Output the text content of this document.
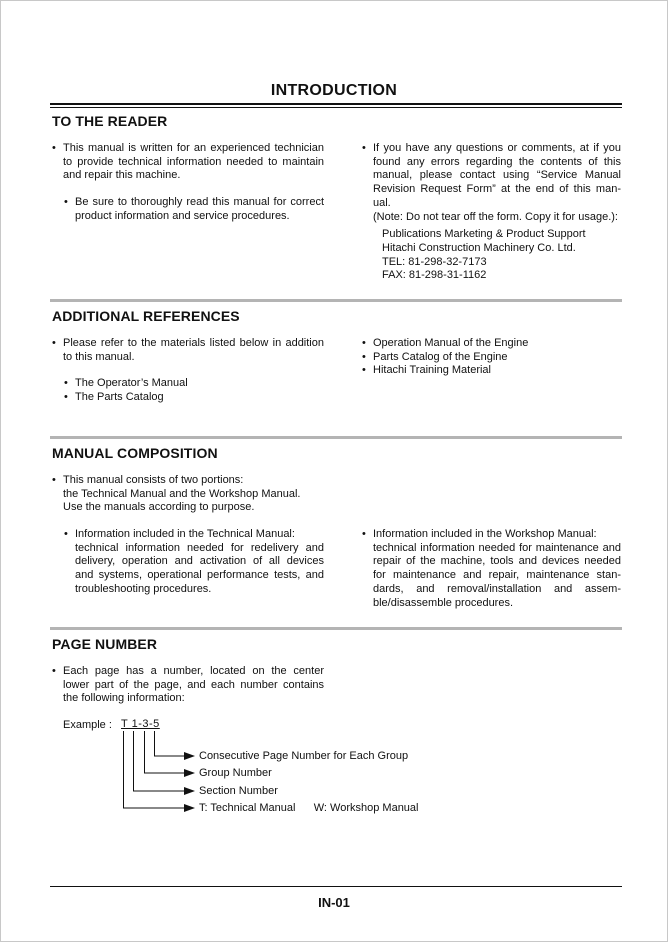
INTRODUCTION
TO THE READER
• This manual is written for an experienced technician
to provide technical information needed to maintain
and repair this machine.
• Be sure to thoroughly read this manual for correct
product information and service procedures.
• If you have any questions or comments, at if you
found any errors regarding the contents of this
manual, please contact using “Service Manual
Revision Request Form” at the end of this man-
ual.
(Note: Do not tear off the form. Copy it for usage.):
Publications Marketing & Product Support
Hitachi Construction Machinery Co. Ltd.
TEL: 81-298-32-7173
FAX: 81-298-31-1162
ADDITIONAL REFERENCES
• Please refer to the materials listed below in addition
to this manual.
• The Operator’s Manual
• The Parts Catalog
• Operation Manual of the Engine
• Parts Catalog of the Engine
• Hitachi Training Material
MANUAL COMPOSITION
• This manual consists of two portions:
the Technical Manual and the Workshop Manual.
Use the manuals according to purpose.
• Information included in the Technical Manual:
technical information needed for redelivery and
delivery, operation and activation of all devices
and systems, operational performance tests, and
troubleshooting procedures.
• Information included in the Workshop Manual:
technical information needed for maintenance and
repair of the machine, tools and devices needed
for maintenance and repair, maintenance stan-
dards, and removal/installation and assem-
ble/disassemble procedures.
PAGE NUMBER
• Each page has a number, located on the center
lower part of the page, and each number contains
the following information:
Example : T 1-3-5
Consecutive Page Number for Each Group
Group Number
Section Number
T: Technical Manual      W: Workshop Manual
IN-01
